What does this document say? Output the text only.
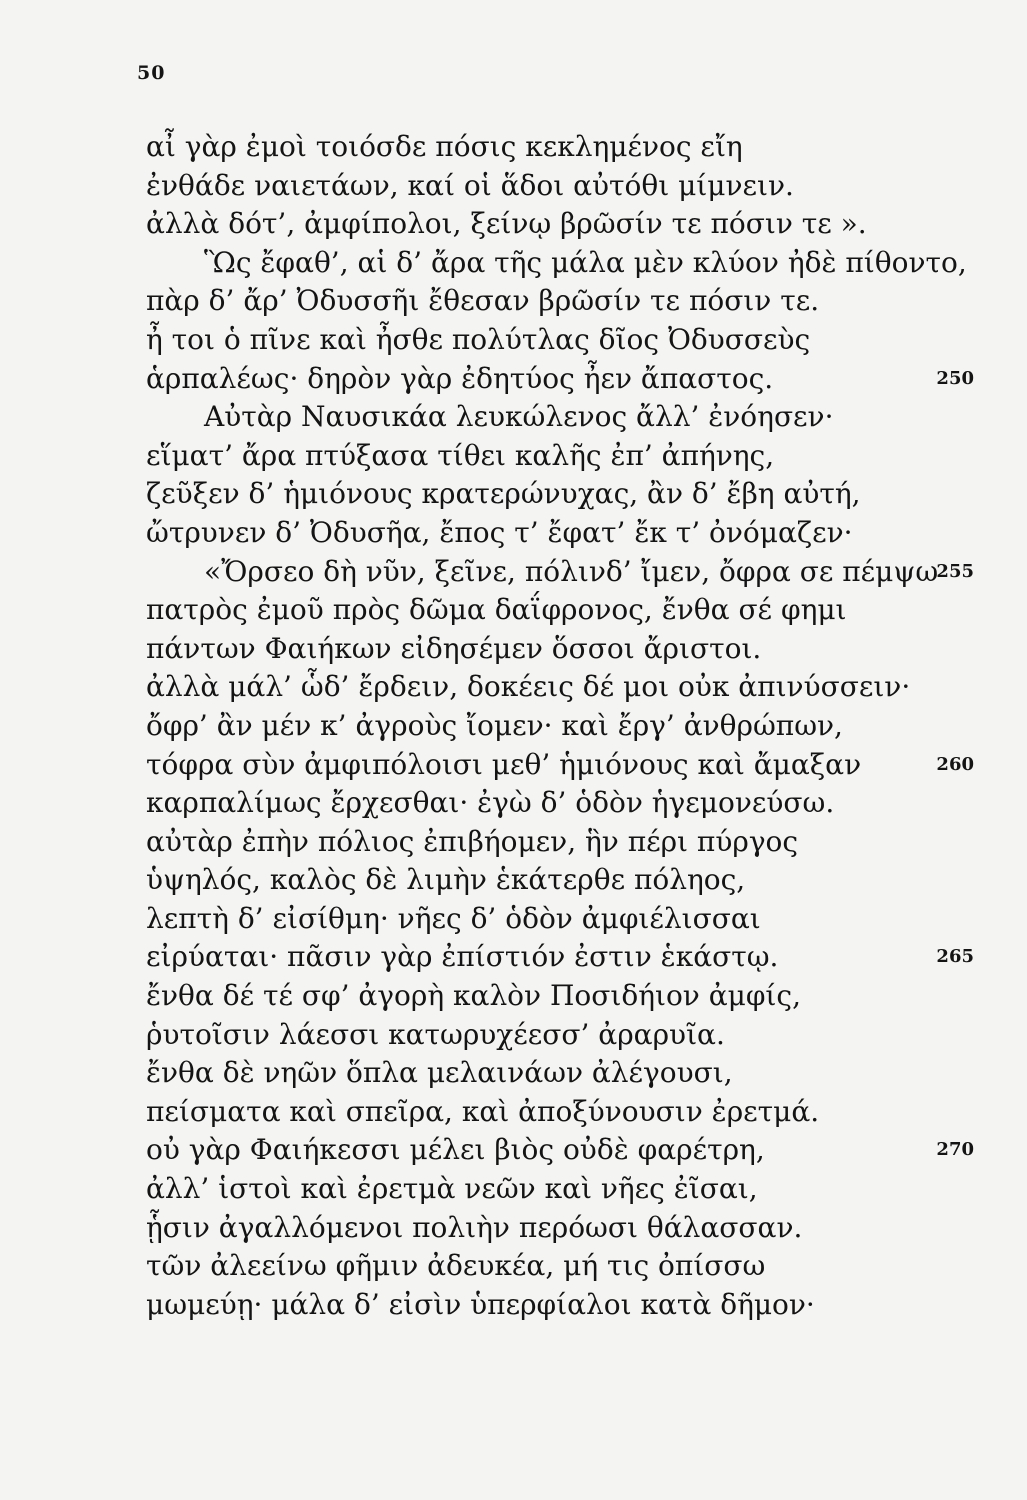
50
αἶ γὰρ ἐμοὶ τοιόσδε πόσις κεκλημένος εἴη
ἐνθάδε ναιετάων, καί οἱ ἅδοι αὐτόθι μίμνειν.
ἀλλὰ δότ’, ἀμφίπολοι, ξείνῳ βρῶσίν τε πόσιν τε ».
Ὣς ἔφαθ’, αἱ δ’ ἄρα τῆς μάλα μὲν κλύον ἠδὲ πίθοντο,
πὰρ δ’ ἄρ’ Ὀδυσσῆι ἔθεσαν βρῶσίν τε πόσιν τε.
ἦ τοι ὁ πῖνε καὶ ἦσθε πολύτλας δῖος Ὀδυσσεὺς
ἁρπαλέως· δηρὸν γὰρ ἐδητύος ἦεν ἄπαστος.	250
Αὐτὰρ Ναυσικάα λευκώλενος ἄλλ’ ἐνόησεν·
εἵματ’ ἄρα πτύξασα τίθει καλῆς ἐπ’ ἀπήνης,
ζεῦξεν δ’ ἡμιόνους κρατερώνυχας, ἂν δ’ ἔβη αὐτή,
ὤτρυνεν δ’ Ὀδυσῆα, ἔπος τ’ ἔφατ’ ἔκ τ’ ὀνόμαζεν·
«Ὄρσεο δὴ νῦν, ξεῖνε, πόλινδ’ ἴμεν, ὄφρα σε πέμψω
255
πατρὸς ἐμοῦ πρὸς δῶμα δαΐφρονος, ἔνθα σέ φημι
πάντων Φαιήκων εἰδησέμεν ὅσσοι ἄριστοι.
ἀλλὰ μάλ’ ὧδ’ ἔρδειν, δοκέεις δέ μοι οὐκ ἀπινύσσειν·
ὄφρ’ ἂν μέν κ’ ἀγροὺς ἴομεν· καὶ ἔργ’ ἀνθρώπων,
τόφρα σὺν ἀμφιπόλοισι μεθ’ ἡμιόνους καὶ ἄμαξαν	260
καρπαλίμως ἔρχεσθαι· ἐγὼ δ’ ὁδὸν ἡγεμονεύσω.
αὐτὰρ ἐπὴν πόλιος ἐπιβήομεν, ἣν πέρι πύργος
ὑψηλός, καλὸς δὲ λιμὴν ἑκάτερθε πόληος,
λεπτὴ δ’ εἰσίθμη· νῆες δ’ ὁδὸν ἀμφιέλισσαι
εἰρύαται· πᾶσιν γὰρ ἐπίστιόν ἐστιν ἑκάστῳ.	265
ἔνθα δέ τέ σφ’ ἀγορὴ καλὸν Ποσιδήιον ἀμφίς,
ῥυτοῖσιν λάεσσι κατωρυχέεσσ’ ἀραρυῖα.
ἔνθα δὲ νηῶν ὅπλα μελαινάων ἀλέγουσι,
πείσματα καὶ σπεῖρα, καὶ ἀποξύνουσιν ἐρετμά.
οὐ γὰρ Φαιήκεσσι μέλει βιὸς οὐδὲ φαρέτρη,	270
ἀλλ’ ἱστοὶ καὶ ἐρετμὰ νεῶν καὶ νῆες ἐῖσαι,
ᾗσιν ἀγαλλόμενοι πολιὴν περόωσι θάλασσαν.
τῶν ἀλεείνω φῆμιν ἀδευκέα, μή τις ὀπίσσω
μωμεύῃ· μάλα δ’ εἰσὶν ὑπερφίαλοι κατὰ δῆμον·
